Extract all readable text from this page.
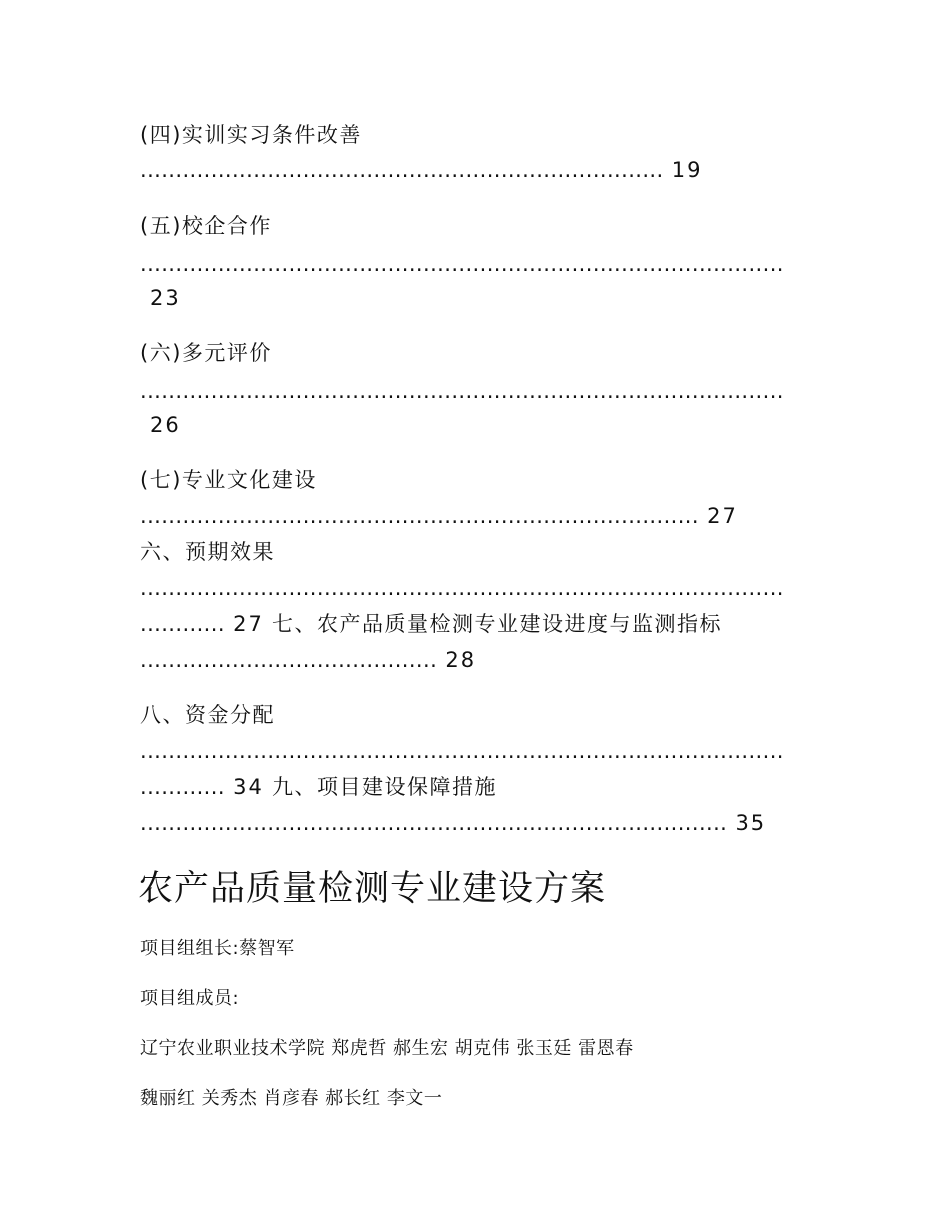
(四)实训实习条件改善
.......................................................................... 19
(五)校企合作
...........................................................................................
23
(六)多元评价
...........................................................................................
26
(七)专业文化建设
............................................................................... 27
六、预期效果
...........................................................................................
............ 27 七、农产品质量检测专业建设进度与监测指标
.......................................... 28
八、资金分配
...........................................................................................
............ 34 九、项目建设保障措施
................................................................................... 35
农产品质量检测专业建设方案
项目组组长:蔡智军
项目组成员:
辽宁农业职业技术学院 郑虎哲 郝生宏 胡克伟 张玉廷 雷恩春
魏丽红 关秀杰 肖彦春 郝长红 李文一
